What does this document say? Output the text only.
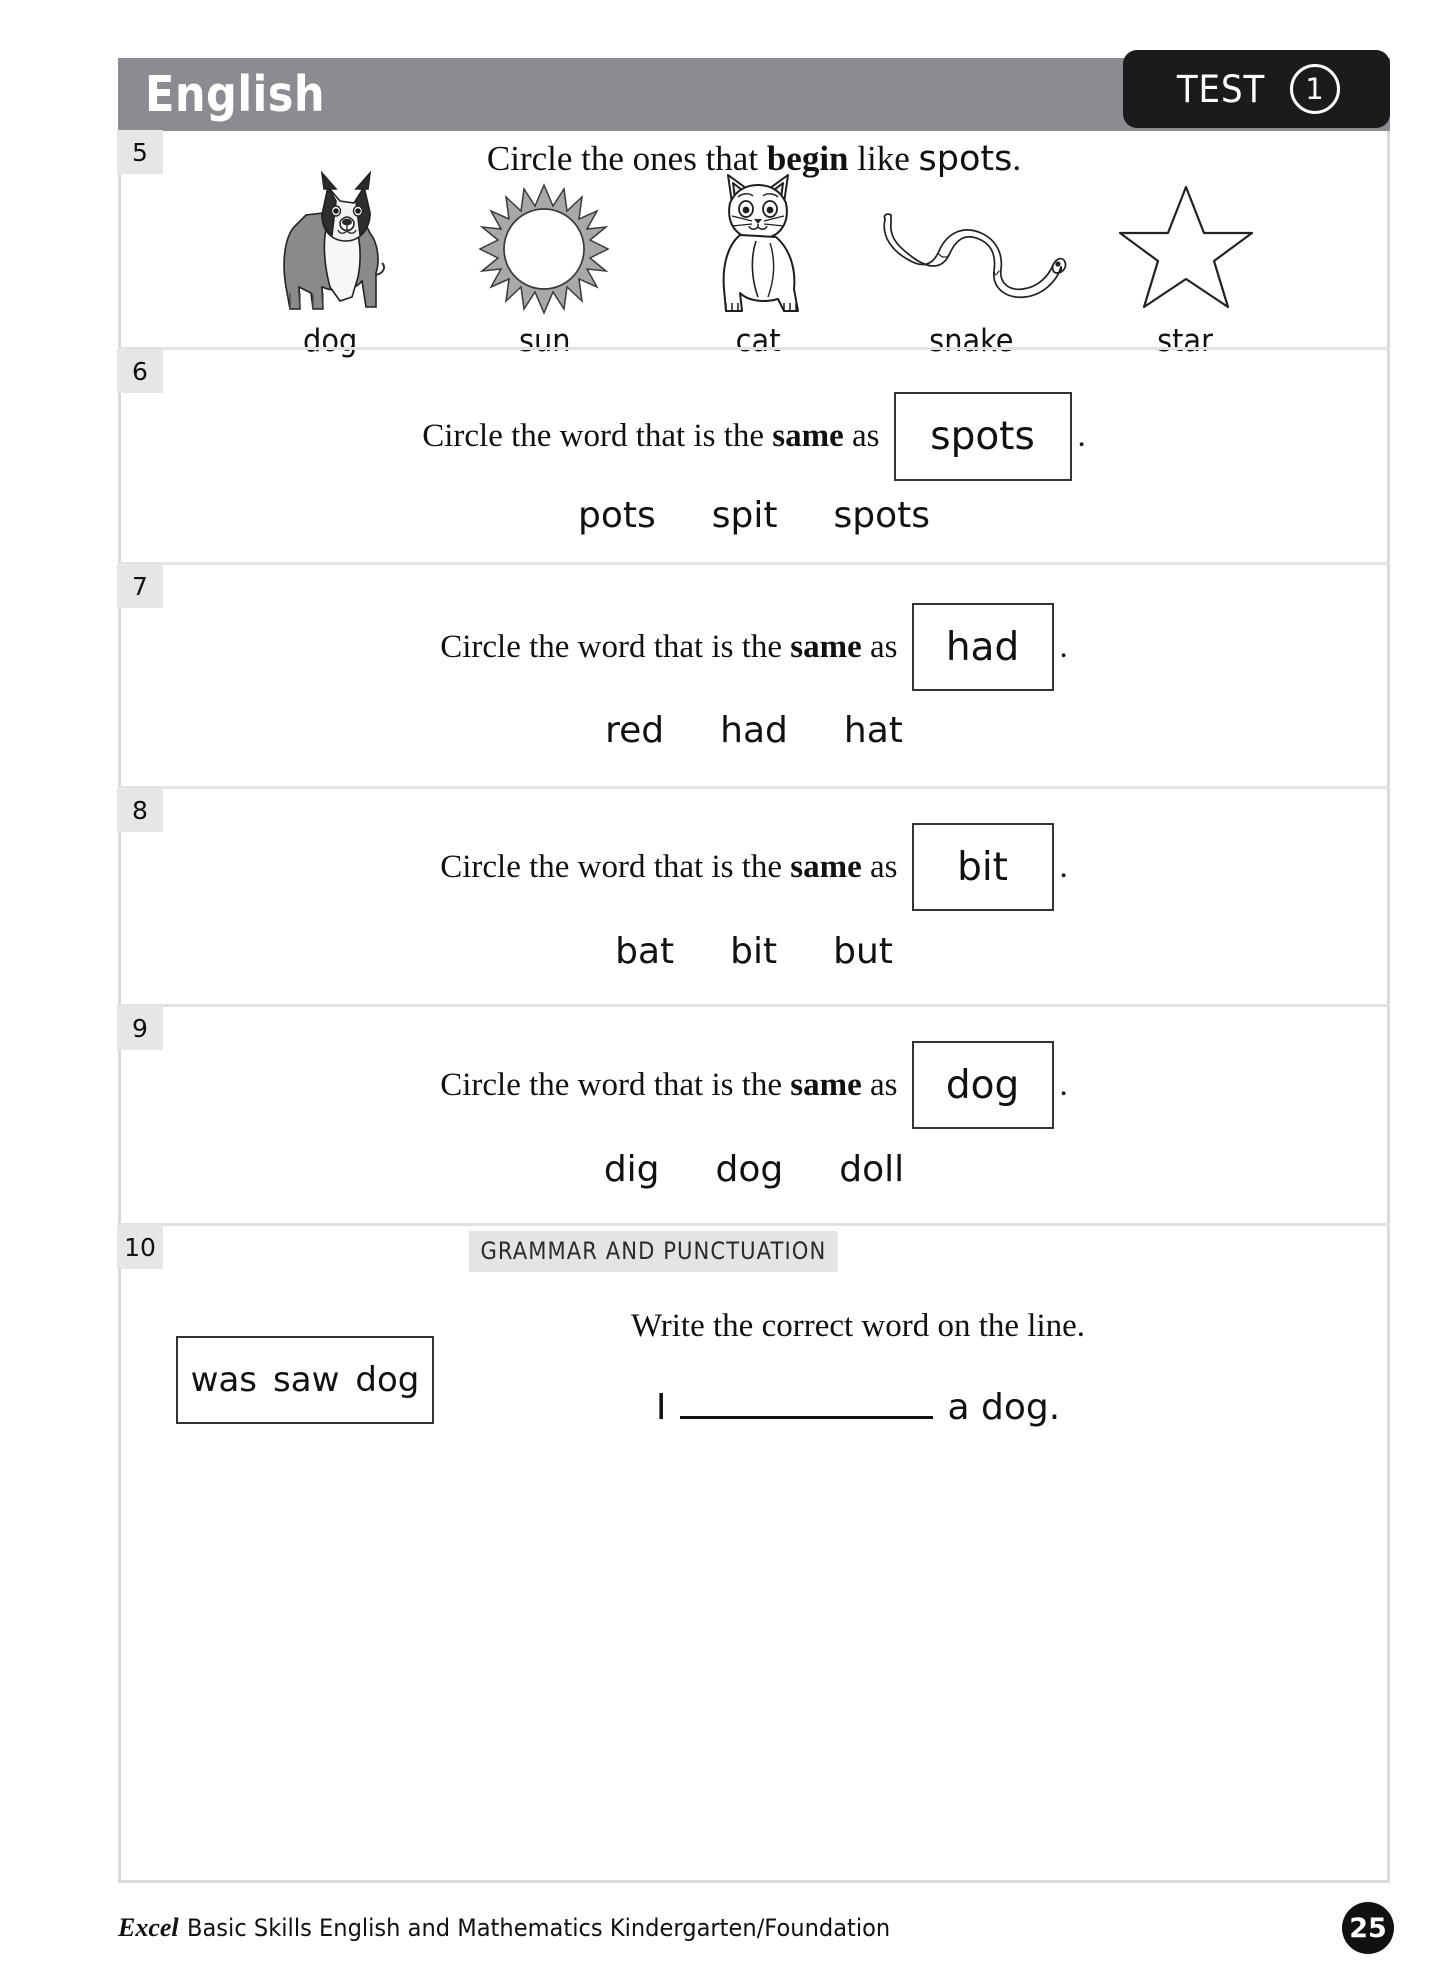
English	TEST	1
5	Circle the ones that begin like spots.
dog	sun	cat	snake	star
6
Circle the word that is the same as	spots	.
pots spit spots
7
Circle the word that is the same as	had	.
red had hat
8
Circle the word that is the same as	bit	.
bat bit but
9
Circle the word that is the same as	dog	.
dig dog doll
10	GRAMMAR AND PUNCTUATION
Write the correct word on the line.
was saw dog
I	a dog.
Excel Basic Skills English and Mathematics Kindergarten/Foundation	25
